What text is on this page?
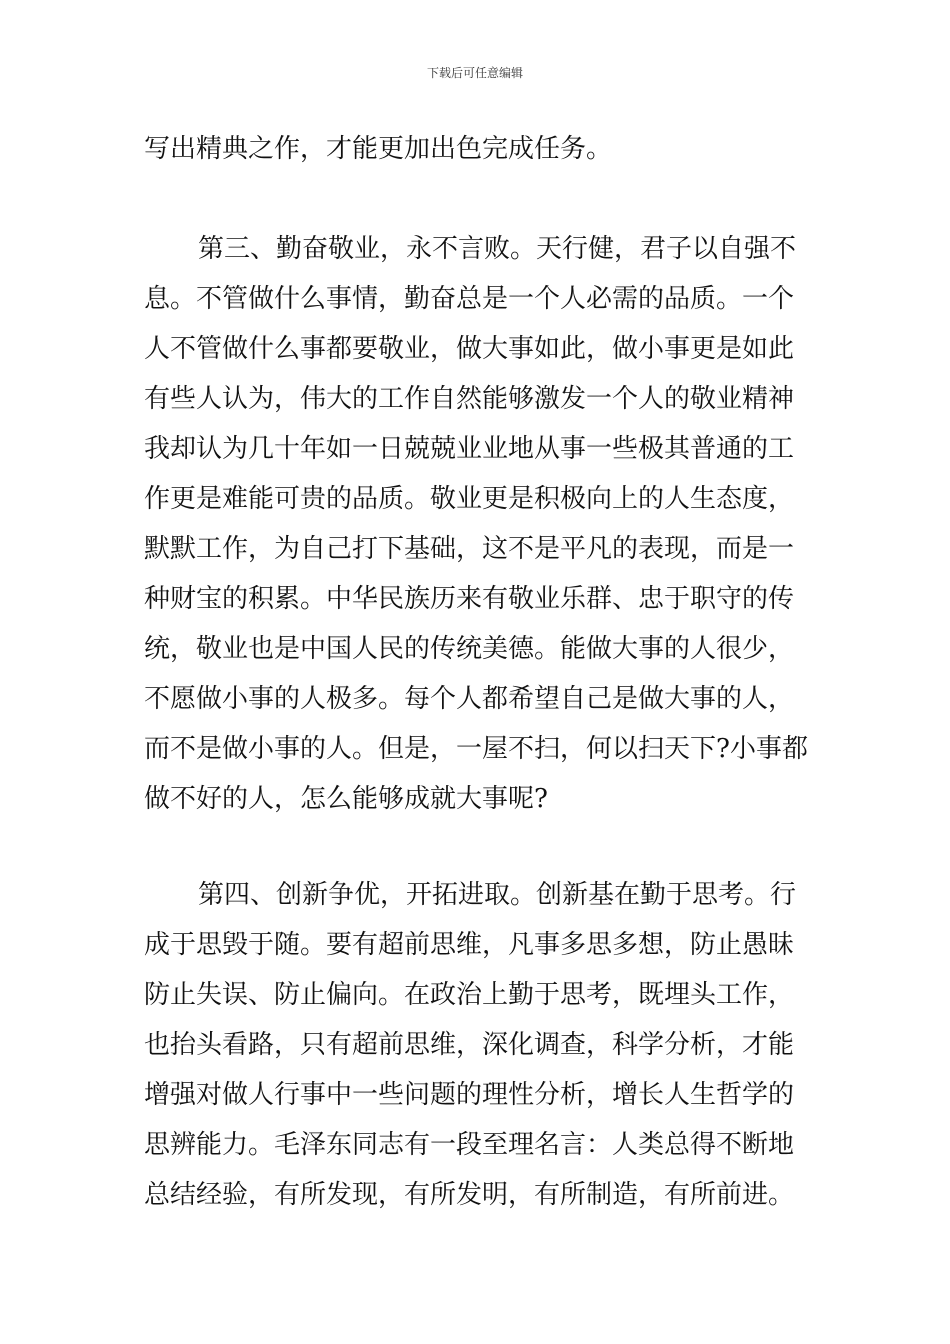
下载后可任意编辑
写出精典之作，才能更加出色完成任务。
第三、勤奋敬业，永不言败。天行健，君子以自强不
息。不管做什么事情，勤奋总是一个人必需的品质。一个
人不管做什么事都要敬业，做大事如此，做小事更是如此
有些人认为，伟大的工作自然能够激发一个人的敬业精神
我却认为几十年如一日兢兢业业地从事一些极其普通的工
作更是难能可贵的品质。敬业更是积极向上的人生态度，
默默工作，为自己打下基础，这不是平凡的表现，而是一
种财宝的积累。中华民族历来有敬业乐群、忠于职守的传
统，敬业也是中国人民的传统美德。能做大事的人很少，
不愿做小事的人极多。每个人都希望自己是做大事的人，
而不是做小事的人。但是，一屋不扫，何以扫天下?小事都
做不好的人，怎么能够成就大事呢?
第四、创新争优，开拓进取。创新基在勤于思考。行
成于思毁于随。要有超前思维，凡事多思多想，防止愚昧
防止失误、防止偏向。在政治上勤于思考，既埋头工作，
也抬头看路，只有超前思维，深化调查，科学分析，才能
增强对做人行事中一些问题的理性分析，增长人生哲学的
思辨能力。毛泽东同志有一段至理名言：人类总得不断地
总结经验，有所发现，有所发明，有所制造，有所前进。
